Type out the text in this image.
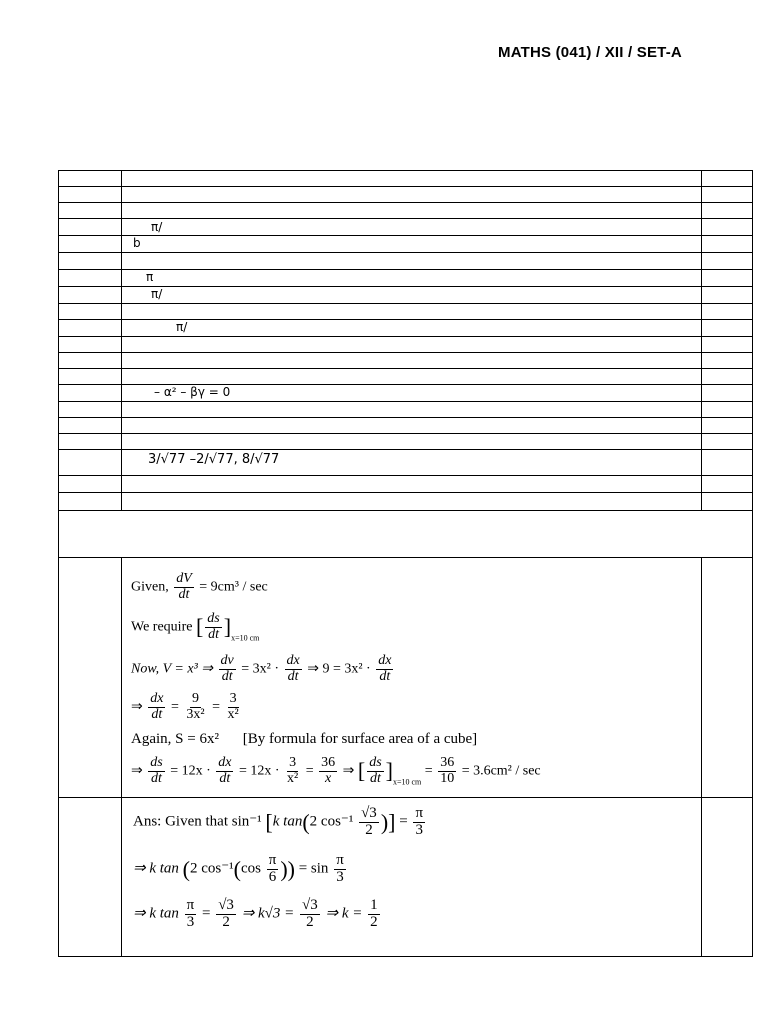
MATHS (041) / XII / SET-A
π/
b
π
π/
π/
– α² – βγ = 0
3/√77 –2/√77, 8/√77
Given, $\frac{dV}{dt} = 9cm^3 / \sec$
We require [ $\frac{ds}{dt} ]_{x=10 cm}$
Now, V = x³ ⇒ $\frac{dv}{dt} = 3x^2 \cdot \frac{dx}{dt}$ ⇒ $9 = 3x^2 \cdot \frac{dx}{dt}$
⇒ $\frac{dx}{dt} = \frac{9}{\text{3x²}} = \frac{3}{\text{x²}}$
Again, S = 6x² [By formula for surface area of a cube]
⇒ $\frac{ds}{dt} = 12x \cdot \frac{dx}{dt} = 12x \cdot \frac{3}{\text{x²}} = \frac{36}{x}$ ⇒ [ $\frac{ds}{dt} ]_{x=10 cm} = \frac{36}{10} = 3.6cm^2 / \sec$
Ans: Given that sin⁻¹ [k tan(2 $\cos^{-1} \frac{√3}{2}$ )] = $\frac{\pi}{3}$
⇒ k tan (2 $\cos^{-1}(\cos \frac{\pi}{6}$ )) = $\sin \frac{\pi}{3}$
⇒ k $\tan \frac{\pi}{3} = \frac{√3}{2}$ ⇒ $k√3 = \frac{√3}{2}$ ⇒ $k = \frac{1}{2}$
